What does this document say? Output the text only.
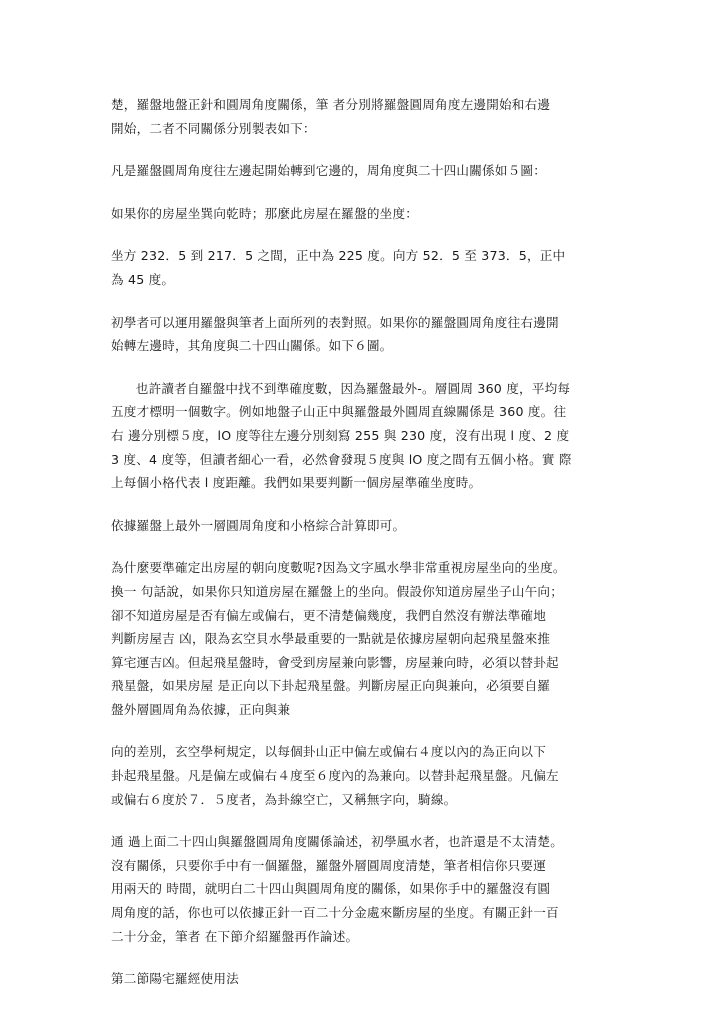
楚，羅盤地盤正針和圓周角度關係，筆 者分別將羅盤圓周角度左邊開始和右邊
開始，二者不同關係分別製表如下：

凡是羅盤圓周角度往左邊起開始轉到它邊的，周角度與二十四山關係如５圖：

如果你的房屋坐巽向乾時；那麼此房屋在羅盤的坐度：

坐方 232．5 到 217．5 之間，正中為 225 度。向方 52．5 至 373．5，正中
為 45 度。

初學者可以運用羅盤與筆者上面所列的表對照。如果你的羅盤圓周角度往右邊開
始轉左邊時，其角度與二十四山關係。如下６圖。

　也許讀者自羅盤中找不到準確度數，因為羅盤最外-。層圓周 360 度，平均每
五度才標明一個數字。例如地盤子山正中與羅盤最外圓周直線關係是 360 度。往
右 邊分別標５度，lO 度等往左邊分別刻寫 255 與 230 度，沒有出現 l 度、2 度
3 度、4 度等，但讀者細心一看，必然會發現５度與 lO 度之間有五個小格。實 際
上每個小格代表 l 度距離。我們如果要判斷一個房屋準確坐度時。

依據羅盤上最外一層圓周角度和小格綜合計算即可。

為什麼要準確定出房屋的朝向度數呢?因為文字風水學非常重視房屋坐向的坐度。
換一 句話說，如果你只知道房屋在羅盤上的坐向。假設你知道房屋坐子山午向；
卻不知道房屋是否有偏左或偏右，更不清楚偏幾度，我們自然沒有辦法準確地
判斷房屋吉 凶，限為玄空貝水學最重要的一點就是依據房屋朝向起飛星盤來推
算宅運吉凶。但起飛星盤時，會受到房屋兼向影響，房屋兼向時，必須以替卦起
飛星盤，如果房屋 是正向以下卦起飛星盤。判斷房屋正向與兼向，必須要自羅
盤外層圓周角為依據，正向與兼

向的差別，玄空學柯規定，以每個卦山正中偏左或偏右４度以內的為正向以下
卦起飛星盤。凡是偏左或偏右４度至６度內的為兼向。以替卦起飛星盤。凡偏左
或偏右６度於７．５度者，為卦線空亡，又稱無字向，騎線。

通 過上面二十四山與羅盤圓周角度關係論述，初學風水者，也許還是不太清楚。
沒有關係，只要你手中有一個羅盤，羅盤外層圓周度清楚，筆者相信你只要運
用兩天的 時間，就明白二十四山與圓周角度的關係，如果你手中的羅盤沒有圓
周角度的話，你也可以依據正針一百二十分金處來斷房屋的坐度。有關正針一百
二十分金，筆者 在下節介紹羅盤再作論述。

第二節陽宅羅經使用法
